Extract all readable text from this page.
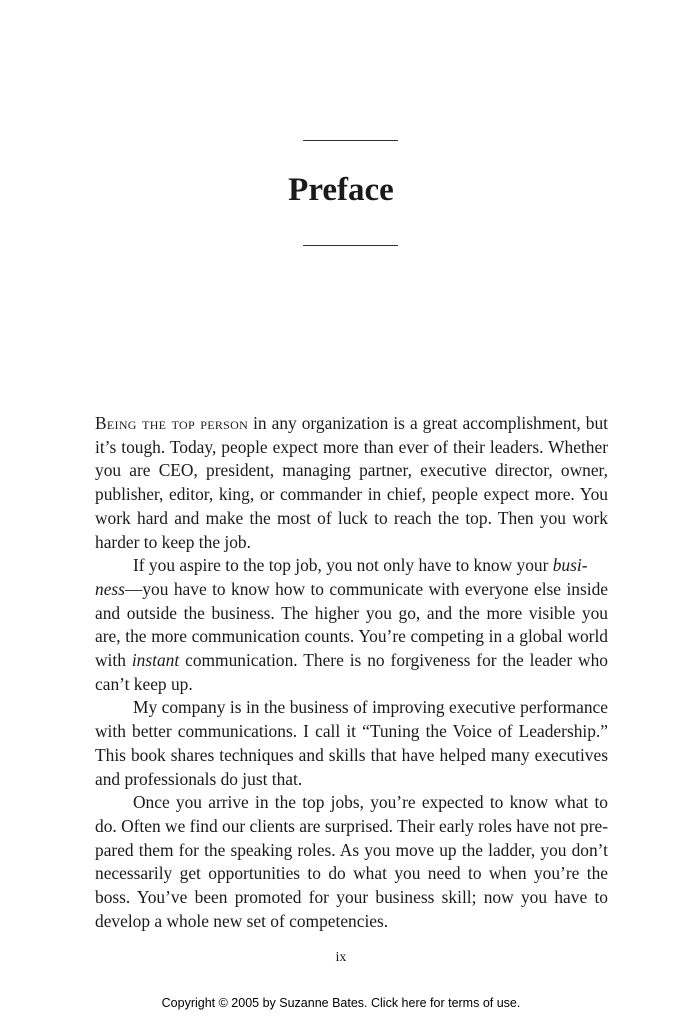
Preface

Being the top person in any organization is a great accomplishment, but it’s tough. Today, people expect more than ever of their leaders. Whether you are CEO, president, managing partner, executive director, owner, publisher, editor, king, or commander in chief, people expect more. You work hard and make the most of luck to reach the top. Then you work harder to keep the job.

If you aspire to the top job, you not only have to know your busi-
ness—you have to know how to communicate with everyone else inside and outside the business. The higher you go, and the more visible you are, the more communication counts. You’re competing in a global world with instant communication. There is no forgiveness for the leader who can’t keep up.

My company is in the business of improving executive performance with better communications. I call it “Tuning the Voice of Leadership.” This book shares techniques and skills that have helped many executives and professionals do just that.

Once you arrive in the top jobs, you’re expected to know what to do. Often we find our clients are surprised. Their early roles have not pre-
pared them for the speaking roles. As you move up the ladder, you don’t necessarily get opportunities to do what you need to when you’re the boss. You’ve been promoted for your business skill; now you have to develop a whole new set of competencies.

ix
Copyright © 2005 by Suzanne Bates. Click here for terms of use.
